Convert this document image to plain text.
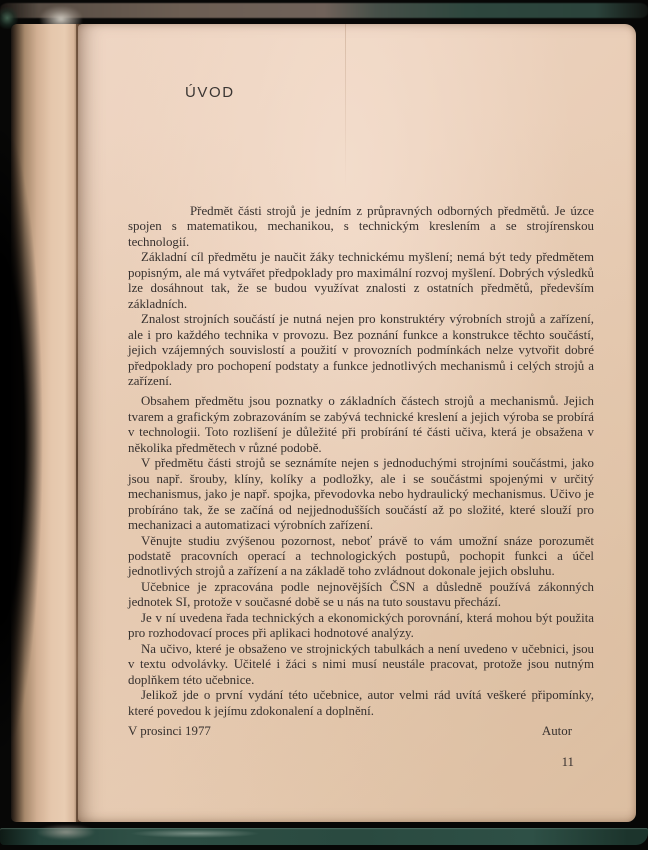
ÚVOD

Předmět části strojů je jedním z průpravných odborných předmětů. Je úzce spojen s matematikou, mechanikou, s technickým kreslením a se strojírenskou technologií.

Základní cíl předmětu je naučit žáky technickému myšlení; nemá být tedy předmětem popisným, ale má vytvářet předpoklady pro maximální rozvoj myšlení. Dobrých výsledků lze dosáhnout tak, že se budou využívat znalosti z ostatních předmětů, především základních.

Znalost strojních součástí je nutná nejen pro konstruktéry výrobních strojů a zařízení, ale i pro každého technika v provozu. Bez poznání funkce a konstrukce těchto součástí, jejich vzájemných souvislostí a použití v provozních podmínkách nelze vytvořit dobré předpoklady pro pochopení podstaty a funkce jednotlivých mechanismů i celých strojů a zařízení.

Obsahem předmětu jsou poznatky o základních částech strojů a mechanismů. Jejich tvarem a grafickým zobrazováním se zabývá technické kreslení a jejich výroba se probírá v technologii. Toto rozlišení je důležité při probírání té části učiva, která je obsažena v několika předmětech v různé podobě.

V předmětu části strojů se seznámíte nejen s jednoduchými strojními součástmi, jako jsou např. šrouby, klíny, kolíky a podložky, ale i se součástmi spojenými v určitý mechanismus, jako je např. spojka, převodovka nebo hydraulický mechanismus. Učivo je probíráno tak, že se začíná od nejjednodušších součástí až po složité, které slouží pro mechanizaci a automatizaci výrobních zařízení.

Věnujte studiu zvýšenou pozornost, neboť právě to vám umožní snáze porozumět podstatě pracovních operací a technologických postupů, pochopit funkci a účel jednotlivých strojů a zařízení a na základě toho zvládnout dokonale jejich obsluhu.

Učebnice je zpracována podle nejnovějších ČSN a důsledně používá zákonných jednotek SI, protože v současné době se u nás na tuto soustavu přechází.

Je v ní uvedena řada technických a ekonomických porovnání, která mohou být použita pro rozhodovací proces při aplikaci hodnotové analýzy.

Na učivo, které je obsaženo ve strojnických tabulkách a není uvedeno v učebnici, jsou v textu odvolávky. Učitelé i žáci s nimi musí neustále pracovat, protože jsou nutným doplňkem této učebnice.

Jelikož jde o první vydání této učebnice, autor velmi rád uvítá veškeré připomínky, které povedou k jejímu zdokonalení a doplnění.

V prosinci 1977	Autor
11
